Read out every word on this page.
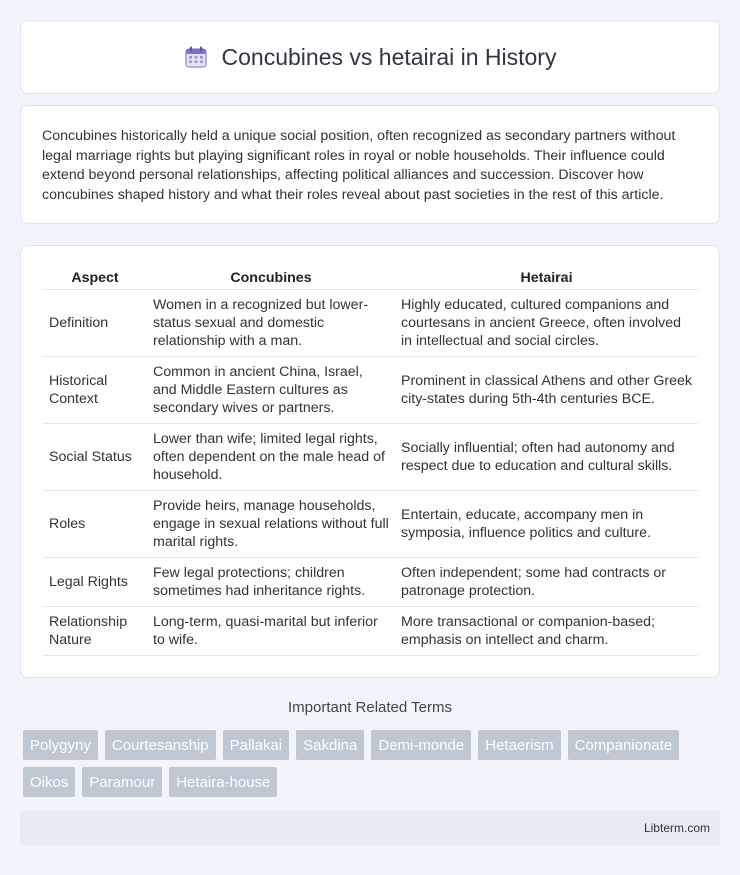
Concubines vs hetairai in History

Concubines historically held a unique social position, often recognized as secondary partners without legal marriage rights but playing significant roles in royal or noble households. Their influence could extend beyond personal relationships, affecting political alliances and succession. Discover how concubines shaped history and what their roles reveal about past societies in the rest of this article.

Aspect	Concubines	Hetairai
Definition	Women in a recognized but lower-status sexual and domestic relationship with a man.	Highly educated, cultured companions and courtesans in ancient Greece, often involved in intellectual and social circles.
Historical Context	Common in ancient China, Israel, and Middle Eastern cultures as secondary wives or partners.	Prominent in classical Athens and other Greek city-states during 5th-4th centuries BCE.
Social Status	Lower than wife; limited legal rights, often dependent on the male head of household.	Socially influential; often had autonomy and respect due to education and cultural skills.
Roles	Provide heirs, manage households, engage in sexual relations without full marital rights.	Entertain, educate, accompany men in symposia, influence politics and culture.
Legal Rights	Few legal protections; children sometimes had inheritance rights.	Often independent; some had contracts or patronage protection.
Relationship Nature	Long-term, quasi-marital but inferior to wife.	More transactional or companion-based; emphasis on intellect and charm.
Important Related Terms
Polygyny	Courtesanship	Pallakai	Sakdina	Demi-monde	Hetaerism	Companionate
Oikos	Paramour	Hetaira-house
Libterm.com
